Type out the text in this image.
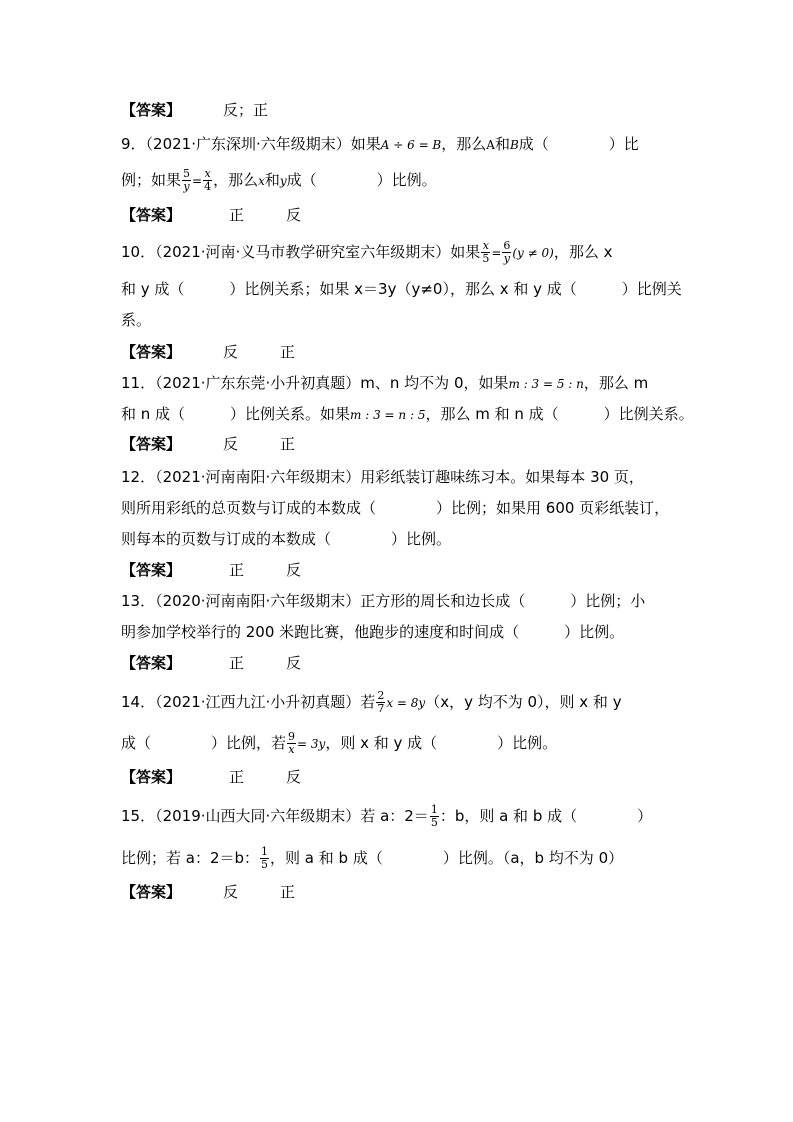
【答案】	反；正
9．（2021·广东深圳·六年级期末）如果A ÷ 6 = B，那么A和B成（　　　　）比
例；如果 $\frac{5}{y} = \frac{x}{4}$ ，那么x和y成（　　　　）比例。
【答案】	正	反
10．（2021·河南·义马市教学研究室六年级期末）如果 $\frac{x}{5} = \frac{6}{y} (y \ne 0)$，那么 x
和 y 成（　　　）比例关系；如果 x＝3y（y≠0），那么 x 和 y 成（　　　）比例关
系。
【答案】	反	正
11．（2021·广东东莞·小升初真题）m、n 均不为 0，如果m : 3 = 5 : n，那么 m
和 n 成（　　　）比例关系。如果m : 3 = n : 5，那么 m 和 n 成（　　　）比例关系。
【答案】	反	正
12．（2021·河南南阳·六年级期末）用彩纸装订趣味练习本。如果每本 30 页，
则所用彩纸的总页数与订成的本数成（　　　　）比例；如果用 600 页彩纸装订，
则每本的页数与订成的本数成（　　　　）比例。
【答案】	正	反
13．（2020·河南南阳·六年级期末）正方形的周长和边长成（　　　）比例；小
明参加学校举行的 200 米跑比赛，他跑步的速度和时间成（　　　）比例。
【答案】	正	反
14．（2021·江西九江·小升初真题）若 $\frac{2}{7}$ x = 8y（x，y 均不为 0），则 x 和 y
成（　　　　）比例，若 $\frac{9}{x} = 3y$，则 x 和 y 成（　　　　）比例。
【答案】	正	反
15．（2019·山西大同·六年级期末）若 a：$2= \frac{1}{5}$ ：b，则 a 和 b 成（　　　　）
比例；若 a：2＝b： $\frac{1}{5}$ ，则 a 和 b 成（　　　　）比例。（a，b 均不为 0）
【答案】	反	正
